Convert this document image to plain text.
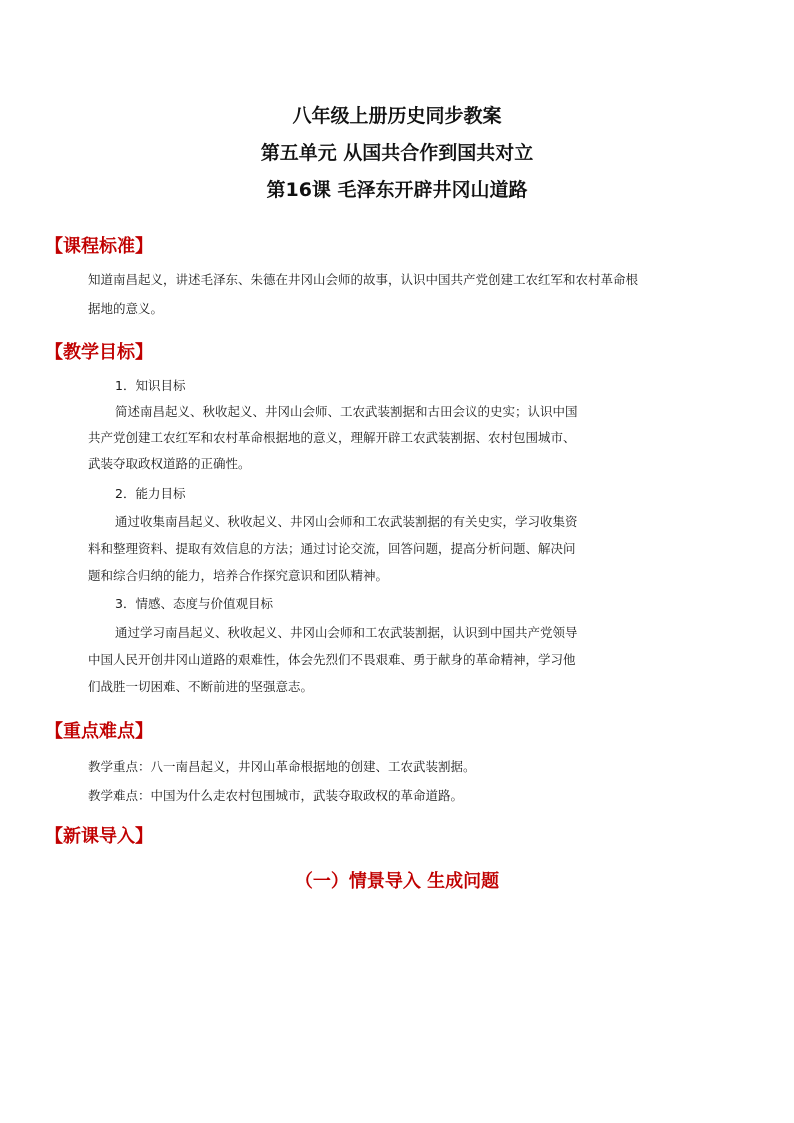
八年级上册历史同步教案
第五单元 从国共合作到国共对立
第16课 毛泽东开辟井冈山道路
【课程标准】
知道南昌起义，讲述毛泽东、朱德在井冈山会师的故事，认识中国共产党创建工农红军和农村革命根
据地的意义。
【教学目标】
1．知识目标
简述南昌起义、秋收起义、井冈山会师、工农武装割据和古田会议的史实；认识中国
共产党创建工农红军和农村革命根据地的意义，理解开辟工农武装割据、农村包围城市、
武装夺取政权道路的正确性。
2．能力目标
通过收集南昌起义、秋收起义、井冈山会师和工农武装割据的有关史实，学习收集资
料和整理资料、提取有效信息的方法；通过讨论交流，回答问题，提高分析问题、解决问
题和综合归纳的能力，培养合作探究意识和团队精神。
3．情感、态度与价值观目标
通过学习南昌起义、秋收起义、井冈山会师和工农武装割据，认识到中国共产党领导
中国人民开创井冈山道路的艰难性，体会先烈们不畏艰难、勇于献身的革命精神，学习他
们战胜一切困难、不断前进的坚强意志。
【重点难点】
教学重点：八一南昌起义，井冈山革命根据地的创建、工农武装割据。
教学难点：中国为什么走农村包围城市，武装夺取政权的革命道路。
【新课导入】
（一）情景导入 生成问题
